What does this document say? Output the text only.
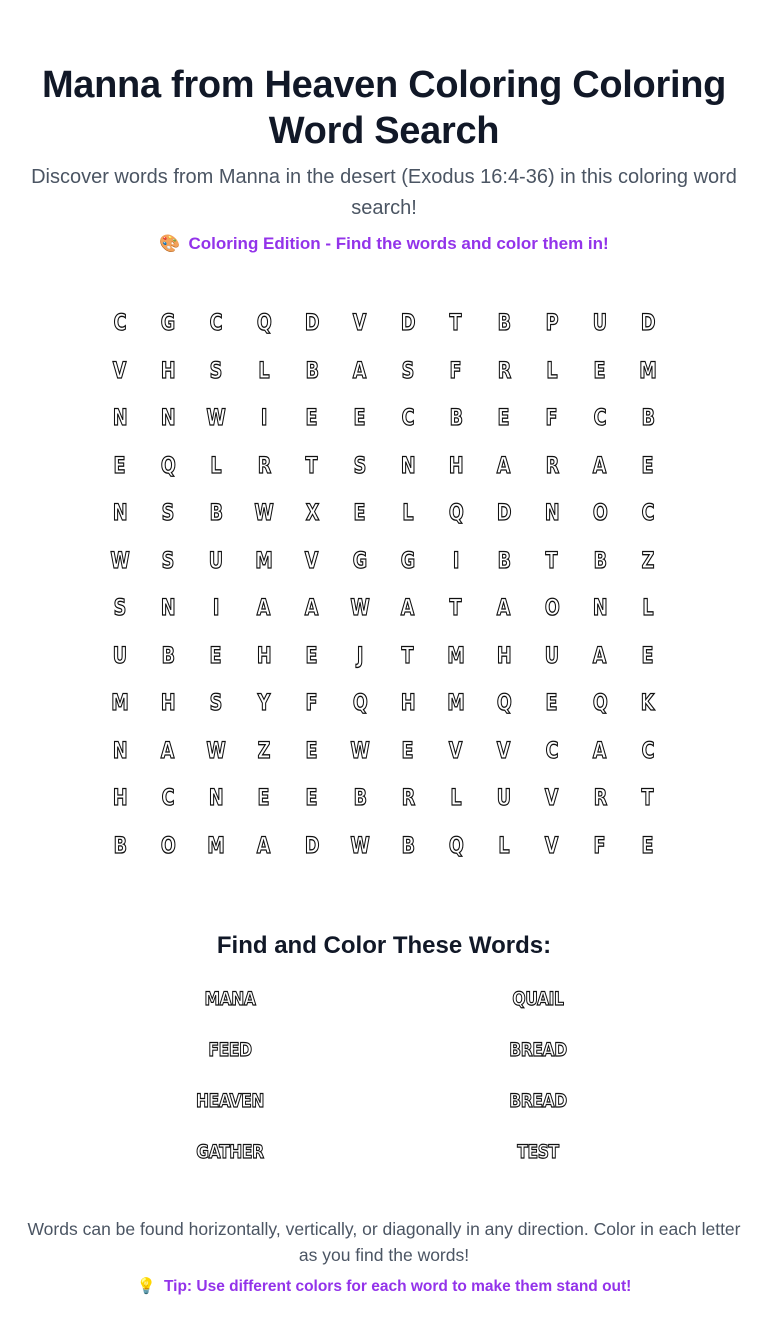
Manna from Heaven Coloring Coloring Word Search
Discover words from Manna in the desert (Exodus 16:4-36) in this coloring word search!
🎨 Coloring Edition - Find the words and color them in!
C G C Q D V D T B P U D
V H S L B A S F R L E M
N N W I E E C B E F C B
E Q L R T S N H A R A E
N S B W X E L Q D N O C
W S U M V G G I B T B Z
S N I A A W A T A O N L
U B E H E J T M H U A E
M H S Y F Q H M Q E Q K
N A W Z E W E V V C A C
H C N E E B R L U V R T
B O M A D W B Q L V F E
Find and Color These Words:
MANA	QUAIL
FEED	BREAD
HEAVEN	BREAD
GATHER	TEST
Words can be found horizontally, vertically, or diagonally in any direction. Color in each letter as you find the words!
💡 Tip: Use different colors for each word to make them stand out!
